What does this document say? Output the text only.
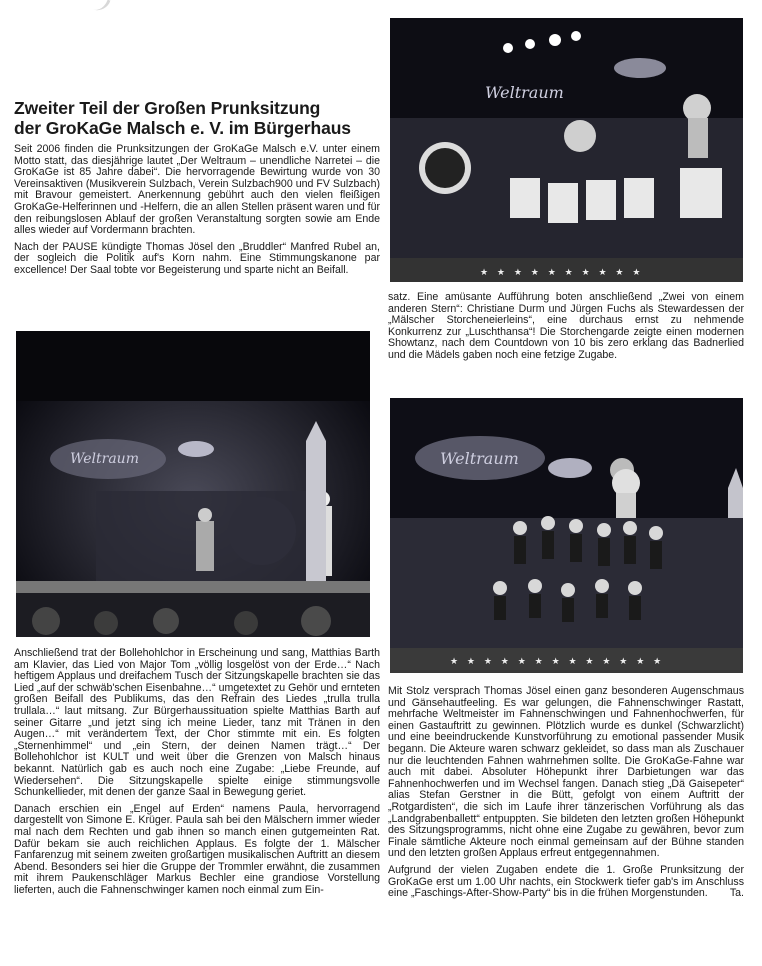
Zweiter Teil der Großen Prunksitzung
der GroKaGe Malsch e. V. im Bürgerhaus

Seit 2006 finden die Prunksitzungen der GroKaGe Malsch e.V. unter einem Motto statt, das diesjährige lautet „Der Weltraum – unendliche Narretei – die GroKaGe ist 85 Jahre dabei“. Die hervorragende Bewirtung wurde von 30 Vereinsaktiven (Musikverein Sulzbach, Verein Sulzbach900 und FV Sulzbach) mit Bravour gemeistert. Anerkennung gebührt auch den vielen fleißigen GroKaGe-Helferinnen und -Helfern, die an allen Stellen präsent waren und für den reibungslosen Ablauf der großen Veranstaltung sorgten sowie am Ende alles wieder auf Vordermann brachten.

Nach der PAUSE kündigte Thomas Jösel den „Bruddler“ Manfred Rubel an, der sogleich die Politik auf's Korn nahm. Eine Stimmungskanone par excellence! Der Saal tobte vor Begeisterung und sparte nicht an Beifall.

Weltraum

Anschließend trat der Bollehohlchor in Erscheinung und sang, Matthias Barth am Klavier, das Lied von Major Tom „völlig losgelöst von der Erde…“ Nach heftigem Applaus und dreifachem Tusch der Sitzungskapelle brachten sie das Lied „auf der schwäb'schen Eisenbahne…“ umgetextet zu Gehör und ernteten großen Beifall des Publikums, das den Refrain des Liedes „trulla trulla trullala…“ laut mitsang. Zur Bürgerhaussituation spielte Matthias Barth auf seiner Gitarre „und jetzt sing ich meine Lieder, tanz mit Tränen in den Augen…“ mit verändertem Text, der Chor stimmte mit ein. Es folgten „Sternenhimmel“ und „ein Stern, der deinen Namen trägt…“ Der Bollehohlchor ist KULT und weit über die Grenzen von Malsch hinaus bekannt. Natürlich gab es auch noch eine Zugabe: „Liebe Freunde, auf Wiedersehen“. Die Sitzungskapelle spielte einige stimmungsvolle Schunkellieder, mit denen der ganze Saal in Bewegung geriet.

Danach erschien ein „Engel auf Erden“ namens Paula, hervorragend dargestellt von Simone E. Krüger. Paula sah bei den Mälschern immer wieder mal nach dem Rechten und gab ihnen so manch einen gutgemeinten Rat. Dafür bekam sie auch reichlichen Applaus. Es folgte der 1. Mälscher Fanfarenzug mit seinem zweiten großartigen musikalischen Auftritt an diesem Abend. Besonders sei hier die Gruppe der Trommler erwähnt, die zusammen mit ihrem Paukenschläger Markus Bechler eine grandiose Vorstellung lieferten, auch die Fahnenschwinger kamen noch einmal zum Ein-

Weltraum
★ ★ ★ ★ ★ ★ ★ ★ ★ ★

satz. Eine amüsante Aufführung boten anschließend „Zwei von einem anderen Stern“: Christiane Durm und Jürgen Fuchs als Stewardessen der „Mälscher Storcheneierleins“, eine durchaus ernst zu nehmende Konkurrenz zur „Luschthansa“! Die Storchengarde zeigte einen modernen Showtanz, nach dem Countdown von 10 bis zero erklang das Badnerlied und die Mädels gaben noch eine fetzige Zugabe.

Weltraum
★ ★ ★ ★ ★ ★ ★ ★ ★ ★ ★ ★ ★

Mit Stolz versprach Thomas Jösel einen ganz besonderen Augenschmaus und Gänsehautfeeling. Es war gelungen, die Fahnenschwinger Rastatt, mehrfache Weltmeister im Fahnenschwingen und Fahnenhochwerfen, für einen Gastauftritt zu gewinnen. Plötzlich wurde es dunkel (Schwarzlicht) und eine beeindruckende Kunstvorführung zu emotional passender Musik begann. Die Akteure waren schwarz gekleidet, so dass man als Zuschauer nur die leuchtenden Fahnen wahrnehmen sollte. Die GroKaGe-Fahne war auch mit dabei. Absoluter Höhepunkt ihrer Darbietungen war das Fahnenhochwerfen und im Wechsel fangen. Danach stieg „Dä Gaisepeter“ alias Stefan Gerstner in die Bütt, gefolgt von einem Auftritt der „Rotgardisten“, die sich im Laufe ihrer tänzerischen Vorführung als das „Landgrabenballett“ entpuppten. Sie bildeten den letzten großen Höhepunkt des Sitzungsprogramms, nicht ohne eine Zugabe zu gewähren, bevor zum Finale sämtliche Akteure noch einmal gemeinsam auf der Bühne standen und den letzten großen Applaus erfreut entgegennahmen.

Aufgrund der vielen Zugaben endete die 1. Große Prunksitzung der GroKaGe erst um 1.00 Uhr nachts, ein Stockwerk tiefer gab's im Anschluss eine „Faschings-After-Show-Party“ bis in die frühen Morgenstunden. Ta.
